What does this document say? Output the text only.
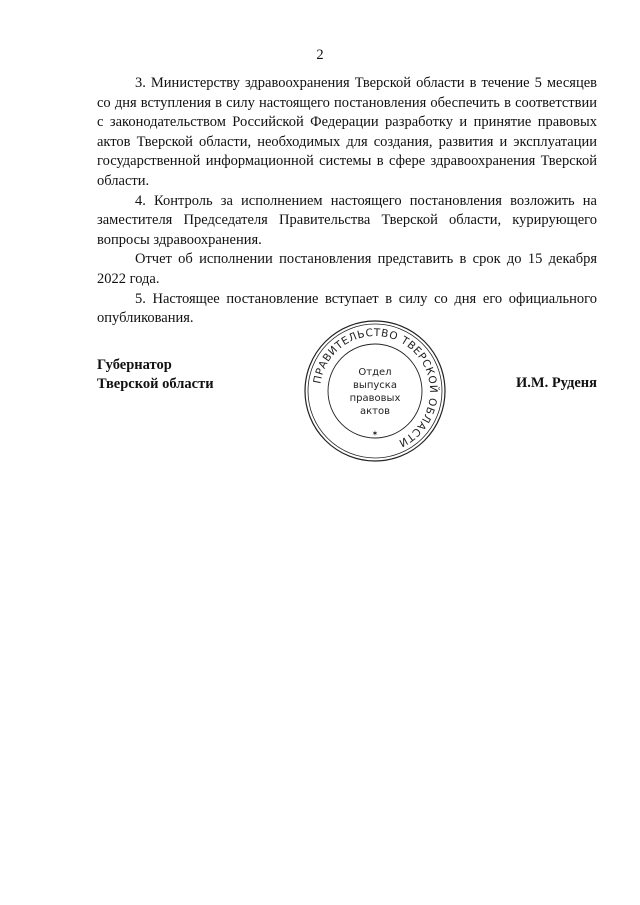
2

3. Министерству здравоохранения Тверской области в течение 5 месяцев со дня вступления в силу настоящего постановления обеспечить в соответствии с законодательством Российской Федерации разработку и принятие правовых актов Тверской области, необходимых для создания, развития и эксплуатации государственной информационной системы в сфере здравоохранения Тверской области.

4. Контроль за исполнением настоящего постановления возложить на заместителя Председателя Правительства Тверской области, курирующего вопросы здравоохранения.

Отчет об исполнении постановления представить в срок до 15 декабря 2022 года.

5. Настоящее постановление вступает в силу со дня его официального опубликования.

Губернатор
Тверской области	ПРАВИТЕЛЬСТВО ТВЕРСКОЙ ОБЛАСТИ
✶
Отдел
выпуска
правовых
актов
И.М. Руденя
